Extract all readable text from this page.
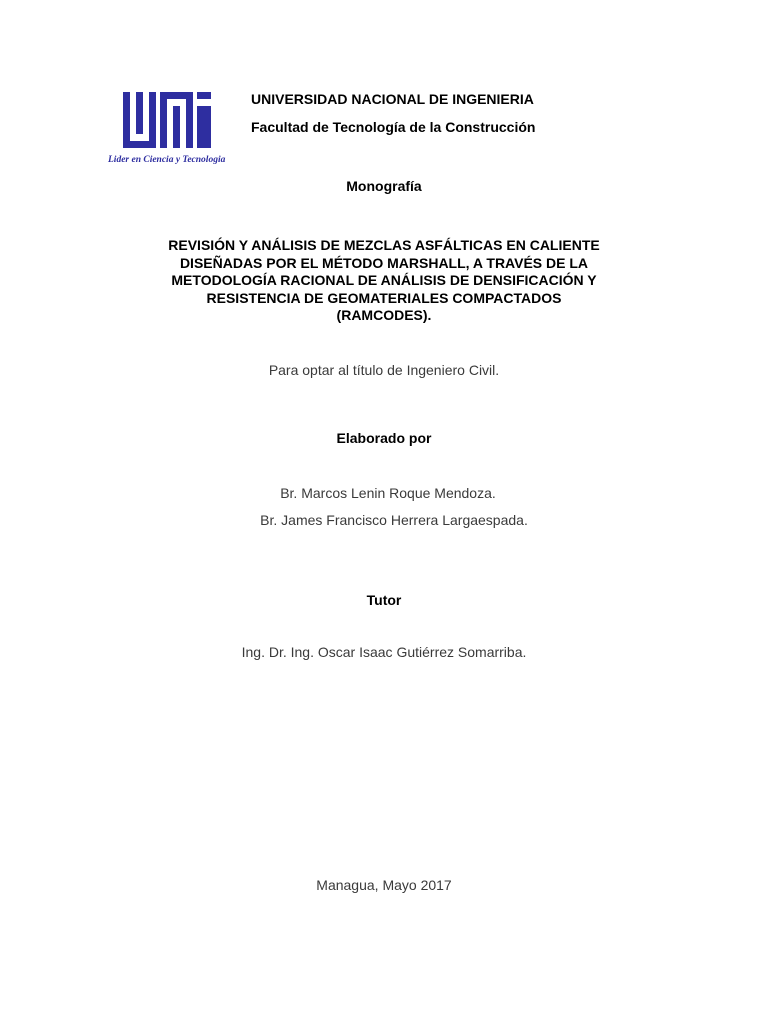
Lider en Ciencia y Tecnologia
UNIVERSIDAD NACIONAL DE INGENIERIA
Facultad de Tecnología de la Construcción
Monografía
REVISIÓN Y ANÁLISIS DE MEZCLAS ASFÁLTICAS EN CALIENTE
DISEÑADAS POR EL MÉTODO MARSHALL, A TRAVÉS DE LA
METODOLOGÍA RACIONAL DE ANÁLISIS DE DENSIFICACIÓN Y
RESISTENCIA DE GEOMATERIALES COMPACTADOS
(RAMCODES).
Para optar al título de Ingeniero Civil.
Elaborado por
Br. Marcos Lenin Roque Mendoza.
Br. James Francisco Herrera Largaespada.
Tutor
Ing. Dr. Ing. Oscar Isaac Gutiérrez Somarriba.
Managua, Mayo 2017
